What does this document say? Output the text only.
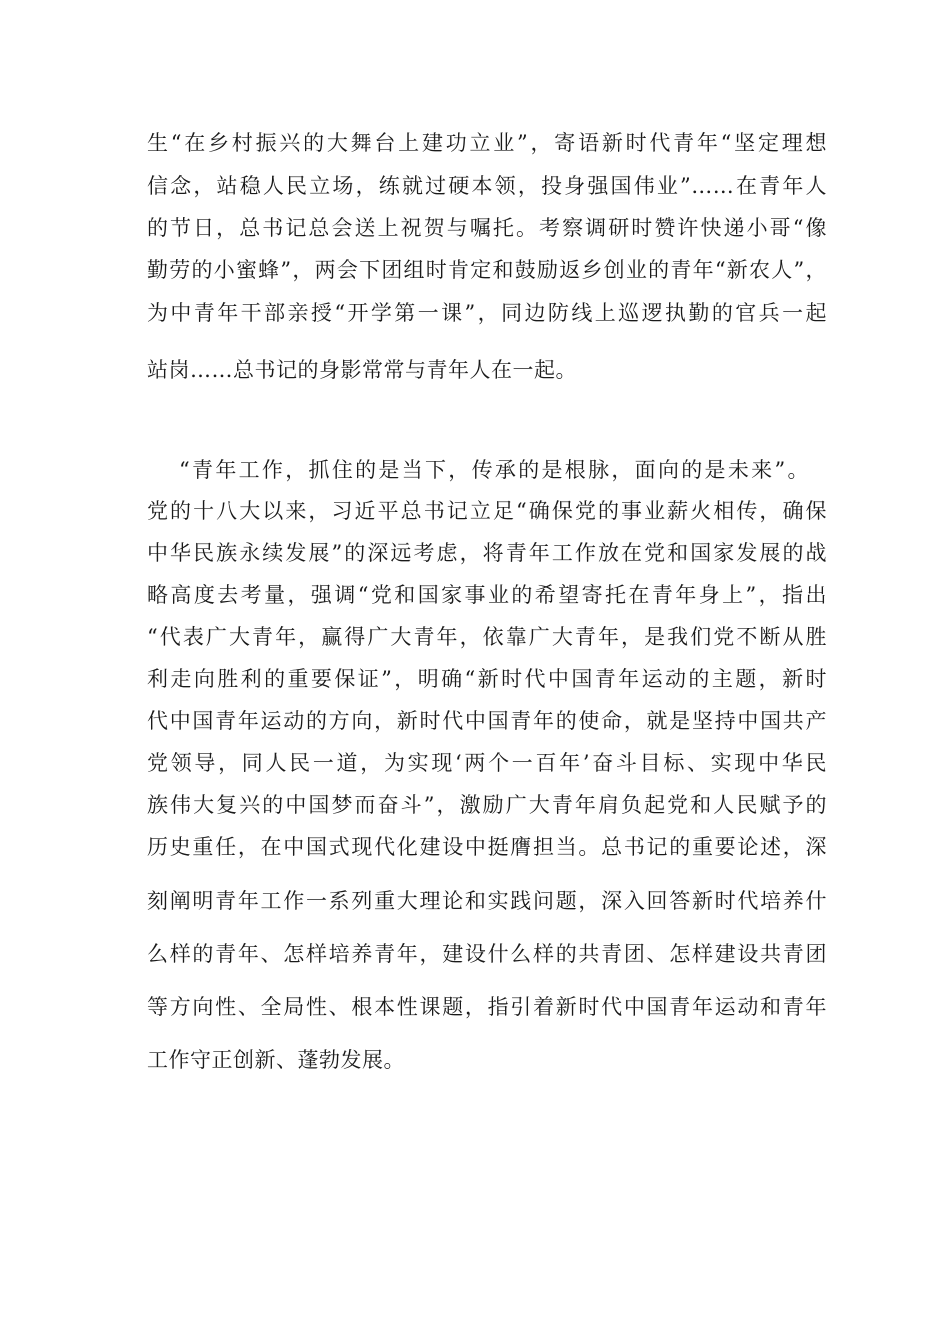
生“在乡村振兴的大舞台上建功立业”，寄语新时代青年“坚定理想
信念，站稳人民立场，练就过硬本领，投身强国伟业”……在青年人
的节日，总书记总会送上祝贺与嘱托。考察调研时赞许快递小哥“像
勤劳的小蜜蜂”，两会下团组时肯定和鼓励返乡创业的青年“新农人”，
为中青年干部亲授“开学第一课”，同边防线上巡逻执勤的官兵一起
站岗……总书记的身影常常与青年人在一起。
“青年工作，抓住的是当下，传承的是根脉，面向的是未来”。
党的十八大以来，习近平总书记立足“确保党的事业薪火相传，确保
中华民族永续发展”的深远考虑，将青年工作放在党和国家发展的战
略高度去考量，强调“党和国家事业的希望寄托在青年身上”，指出
“代表广大青年，赢得广大青年，依靠广大青年，是我们党不断从胜
利走向胜利的重要保证”，明确“新时代中国青年运动的主题，新时
代中国青年运动的方向，新时代中国青年的使命，就是坚持中国共产
党领导，同人民一道，为实现‘两个一百年’奋斗目标、实现中华民
族伟大复兴的中国梦而奋斗”，激励广大青年肩负起党和人民赋予的
历史重任，在中国式现代化建设中挺膺担当。总书记的重要论述，深
刻阐明青年工作一系列重大理论和实践问题，深入回答新时代培养什
么样的青年、怎样培养青年，建设什么样的共青团、怎样建设共青团
等方向性、全局性、根本性课题，指引着新时代中国青年运动和青年
工作守正创新、蓬勃发展。
